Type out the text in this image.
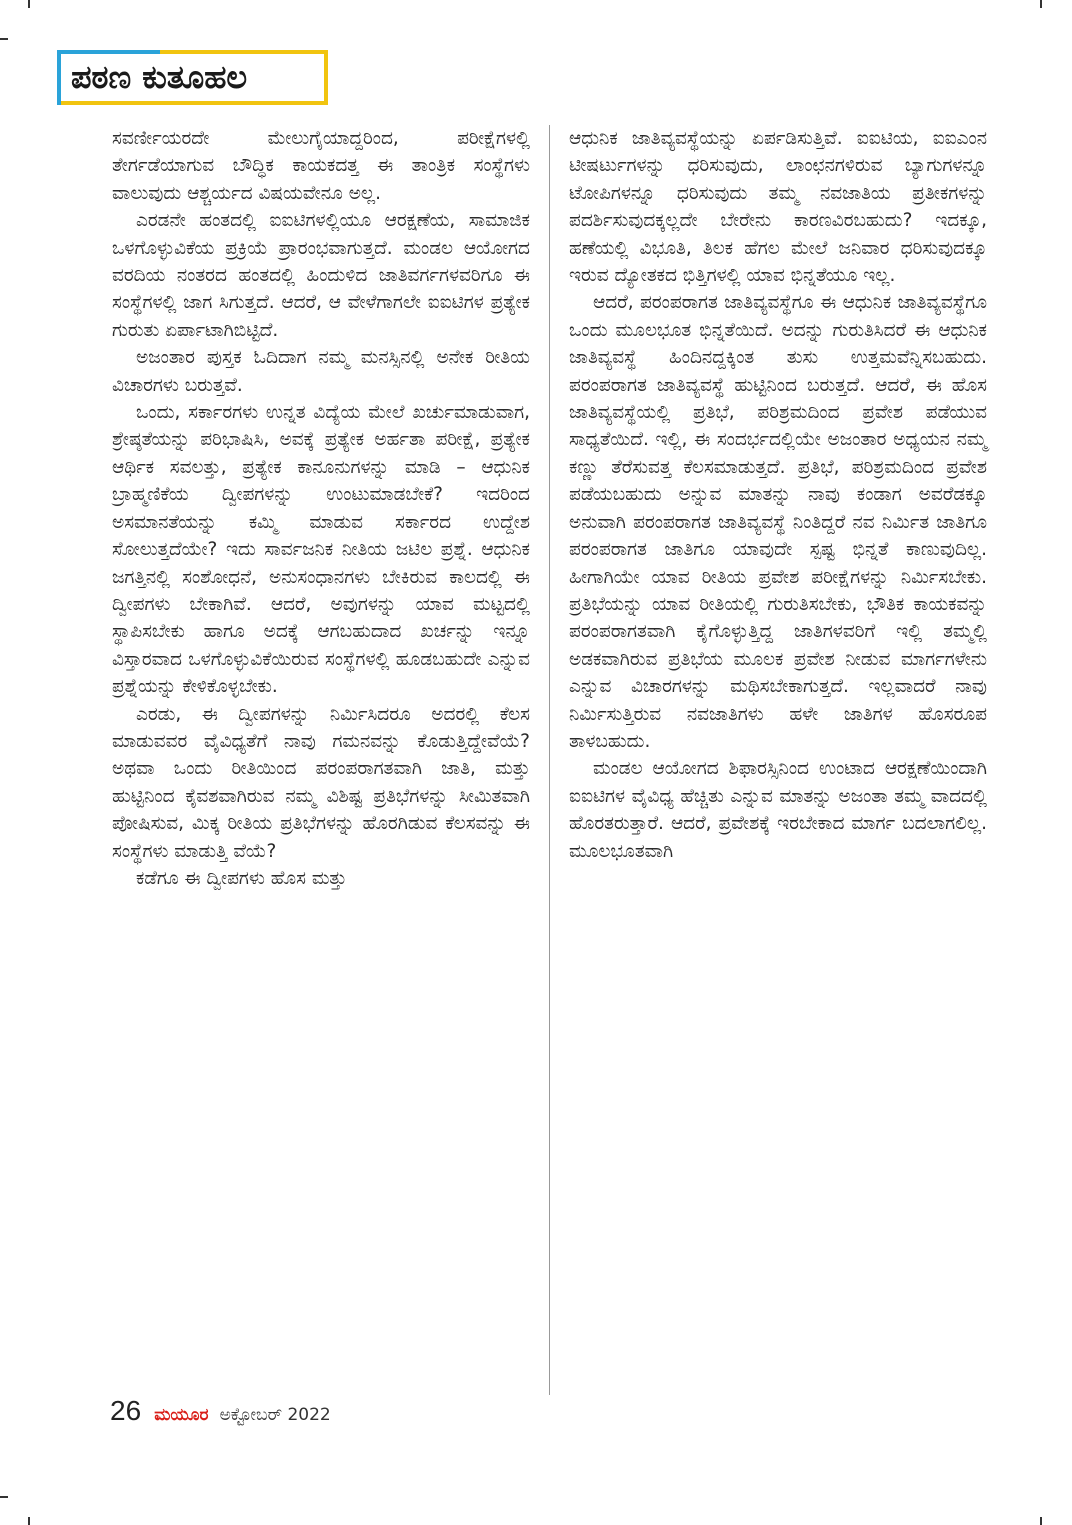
ಪಠಣ ಕುತೂಹಲ

ಸವರ್ಣೀಯರದೇ ಮೇಲುಗೈಯಾದ್ದರಿಂದ, ಪರೀಕ್ಷೆಗಳಲ್ಲಿ ತೇರ್ಗಡೆಯಾಗುವ ಬೌದ್ಧಿಕ ಕಾಯಕದತ್ತ ಈ ತಾಂತ್ರಿಕ ಸಂಸ್ಥೆಗಳು ವಾಲುವುದು ಆಶ್ಚರ್ಯದ ವಿಷಯವೇನೂ ಅಲ್ಲ.

ಎರಡನೇ ಹಂತದಲ್ಲಿ ಐಐಟಿಗಳಲ್ಲಿಯೂ ಆರಕ್ಷಣೆಯ, ಸಾಮಾಜಿಕ ಒಳಗೊಳ್ಳುವಿಕೆಯ ಪ್ರಕ್ರಿಯೆ ಪ್ರಾರಂಭವಾಗುತ್ತದೆ. ಮಂಡಲ ಆಯೋಗದ ವರದಿಯ ನಂತರದ ಹಂತದಲ್ಲಿ ಹಿಂದುಳಿದ ಜಾತಿವರ್ಗಗಳವರಿಗೂ ಈ ಸಂಸ್ಥೆಗಳಲ್ಲಿ ಜಾಗ ಸಿಗುತ್ತದೆ. ಆದರೆ, ಆ ವೇಳೆಗಾಗಲೇ ಐಐಟಿಗಳ ಪ್ರತ್ಯೇಕ ಗುರುತು ಏರ್ಪಾಟಾಗಿಬಿಟ್ಟಿದೆ.

ಅಜಂತಾರ ಪುಸ್ತಕ ಓದಿದಾಗ ನಮ್ಮ ಮನಸ್ಸಿನಲ್ಲಿ ಅನೇಕ ರೀತಿಯ ವಿಚಾರಗಳು ಬರುತ್ತವೆ.

ಒಂದು, ಸರ್ಕಾರಗಳು ಉನ್ನತ ವಿದ್ಯೆಯ ಮೇಲೆ ಖರ್ಚುಮಾಡುವಾಗ, ಶ್ರೇಷ್ಠತೆಯನ್ನು ಪರಿಭಾಷಿಸಿ, ಅವಕ್ಕೆ ಪ್ರತ್ಯೇಕ ಅರ್ಹತಾ ಪರೀಕ್ಷೆ, ಪ್ರತ್ಯೇಕ ಆರ್ಥಿಕ ಸವಲತ್ತು, ಪ್ರತ್ಯೇಕ ಕಾನೂನುಗಳನ್ನು ಮಾಡಿ – ಆಧುನಿಕ ಬ್ರಾಹ್ಮಣಿಕೆಯ ದ್ವೀಪಗಳನ್ನು ಉಂಟುಮಾಡಬೇಕೆ? ಇದರಿಂದ ಅಸಮಾನತೆಯನ್ನು ಕಮ್ಮಿ ಮಾಡುವ ಸರ್ಕಾರದ ಉದ್ದೇಶ ಸೋಲುತ್ತದೆಯೇ? ಇದು ಸಾರ್ವಜನಿಕ ನೀತಿಯ ಜಟಿಲ ಪ್ರಶ್ನೆ. ಆಧುನಿಕ ಜಗತ್ತಿನಲ್ಲಿ ಸಂಶೋಧನೆ, ಅನುಸಂಧಾನಗಳು ಬೇಕಿರುವ ಕಾಲದಲ್ಲಿ ಈ ದ್ವೀಪಗಳು ಬೇಕಾಗಿವೆ. ಆದರೆ, ಅವುಗಳನ್ನು ಯಾವ ಮಟ್ಟದಲ್ಲಿ ಸ್ಥಾಪಿಸಬೇಕು ಹಾಗೂ ಅದಕ್ಕೆ ಆಗಬಹುದಾದ ಖರ್ಚನ್ನು ಇನ್ನೂ ವಿಸ್ತಾರವಾದ ಒಳಗೊಳ್ಳುವಿಕೆಯಿರುವ ಸಂಸ್ಥೆಗಳಲ್ಲಿ ಹೂಡಬಹುದೇ ಎನ್ನುವ ಪ್ರಶ್ನೆಯನ್ನು ಕೇಳಿಕೊಳ್ಳಬೇಕು.

ಎರಡು, ಈ ದ್ವೀಪಗಳನ್ನು ನಿರ್ಮಿಸಿದರೂ ಅದರಲ್ಲಿ ಕೆಲಸ ಮಾಡುವವರ ವೈವಿಧ್ಯತೆಗೆ ನಾವು ಗಮನವನ್ನು ಕೊಡುತ್ತಿದ್ದೇವೆಯೆ? ಅಥವಾ ಒಂದು ರೀತಿಯಿಂದ ಪರಂಪರಾಗತವಾಗಿ ಜಾತಿ, ಮತ್ತು ಹುಟ್ಟಿನಿಂದ ಕೈವಶವಾಗಿರುವ ನಮ್ಮ ವಿಶಿಷ್ಟ ಪ್ರತಿಭೆಗಳನ್ನು ಸೀಮಿತವಾಗಿ ಪೋಷಿಸುವ, ಮಿಕ್ಕ ರೀತಿಯ ಪ್ರತಿಭೆಗಳನ್ನು ಹೊರಗಿಡುವ ಕೆಲಸವನ್ನು ಈ ಸಂಸ್ಥೆಗಳು ಮಾಡುತ್ತಿ ವೆಯೆ?

ಕಡೆಗೂ ಈ ದ್ವೀಪಗಳು ಹೊಸ ಮತ್ತು

ಆಧುನಿಕ ಜಾತಿವ್ಯವಸ್ಥೆಯನ್ನು ಏರ್ಪಡಿಸುತ್ತಿವೆ. ಐಐಟಿಯ, ಐಐಎಂನ ಟೀಷರ್ಟುಗಳನ್ನು ಧರಿಸುವುದು, ಲಾಂಛನಗಳಿರುವ ಬ್ಯಾಗುಗಳನ್ನೂ ಟೋಪಿಗಳನ್ನೂ ಧರಿಸುವುದು ತಮ್ಮ ನವಜಾತಿಯ ಪ್ರತೀಕಗಳನ್ನು ಪದರ್ಶಿಸುವುದಕ್ಕಲ್ಲದೇ ಬೇರೇನು ಕಾರಣವಿರಬಹುದು? ಇದಕ್ಕೂ, ಹಣೆಯಲ್ಲಿ ವಿಭೂತಿ, ತಿಲಕ ಹೆಗಲ ಮೇಲೆ ಜನಿವಾರ ಧರಿಸುವುದಕ್ಕೂ ಇರುವ ದ್ಯೋತಕದ ಭಿತ್ತಿಗಳಲ್ಲಿ ಯಾವ ಭಿನ್ನತೆಯೂ ಇಲ್ಲ.

ಆದರೆ, ಪರಂಪರಾಗತ ಜಾತಿವ್ಯವಸ್ಥೆಗೂ ಈ ಆಧುನಿಕ ಜಾತಿವ್ಯವಸ್ಥೆಗೂ ಒಂದು ಮೂಲಭೂತ ಭಿನ್ನತೆಯಿದೆ. ಅದನ್ನು ಗುರುತಿಸಿದರೆ ಈ ಆಧುನಿಕ ಜಾತಿವ್ಯವಸ್ಥೆ ಹಿಂದಿನದ್ದಕ್ಕಿಂತ ತುಸು ಉತ್ತಮವೆನ್ನಿಸಬಹುದು. ಪರಂಪರಾಗತ ಜಾತಿವ್ಯವಸ್ಥೆ ಹುಟ್ಟಿನಿಂದ ಬರುತ್ತದೆ. ಆದರೆ, ಈ ಹೊಸ ಜಾತಿವ್ಯವಸ್ಥೆಯಲ್ಲಿ ಪ್ರತಿಭೆ, ಪರಿಶ್ರಮದಿಂದ ಪ್ರವೇಶ ಪಡೆಯುವ ಸಾಧ್ಯತೆಯಿದೆ. ಇಲ್ಲಿ, ಈ ಸಂದರ್ಭದಲ್ಲಿಯೇ ಅಜಂತಾರ ಅಧ್ಯಯನ ನಮ್ಮ ಕಣ್ಣು ತೆರೆಸುವತ್ತ ಕೆಲಸಮಾಡುತ್ತದೆ. ಪ್ರತಿಭೆ, ಪರಿಶ್ರಮದಿಂದ ಪ್ರವೇಶ ಪಡೆಯಬಹುದು ಅನ್ನುವ ಮಾತನ್ನು ನಾವು ಕಂಡಾಗ ಅವರೆಡಕ್ಕೂ ಅನುವಾಗಿ ಪರಂಪರಾಗತ ಜಾತಿವ್ಯವಸ್ಥೆ ನಿಂತಿದ್ದರೆ ನವ ನಿರ್ಮಿತ ಜಾತಿಗೂ ಪರಂಪರಾಗತ ಜಾತಿಗೂ ಯಾವುದೇ ಸ್ಪಷ್ಟ ಭಿನ್ನತೆ ಕಾಣುವುದಿಲ್ಲ. ಹೀಗಾಗಿಯೇ ಯಾವ ರೀತಿಯ ಪ್ರವೇಶ ಪರೀಕ್ಷೆಗಳನ್ನು ನಿರ್ಮಿಸಬೇಕು. ಪ್ರತಿಭೆಯನ್ನು ಯಾವ ರೀತಿಯಲ್ಲಿ ಗುರುತಿಸಬೇಕು, ಭೌತಿಕ ಕಾಯಕವನ್ನು ಪರಂಪರಾಗತವಾಗಿ ಕೈಗೊಳ್ಳುತ್ತಿದ್ದ ಜಾತಿಗಳವರಿಗೆ ಇಲ್ಲಿ ತಮ್ಮಲ್ಲಿ ಅಡಕವಾಗಿರುವ ಪ್ರತಿಭೆಯ ಮೂಲಕ ಪ್ರವೇಶ ನೀಡುವ ಮಾರ್ಗಗಳೇನು ಎನ್ನುವ ವಿಚಾರಗಳನ್ನು ಮಥಿಸಬೇಕಾಗುತ್ತದೆ. ಇಲ್ಲವಾದರೆ ನಾವು ನಿರ್ಮಿಸುತ್ತಿರುವ ನವಜಾತಿಗಳು ಹಳೇ ಜಾತಿಗಳ ಹೊಸರೂಪ ತಾಳಬಹುದು.

ಮಂಡಲ ಆಯೋಗದ ಶಿಫಾರಸ್ಸಿನಿಂದ ಉಂಟಾದ ಆರಕ್ಷಣೆಯಿಂದಾಗಿ ಐಐಟಿಗಳ ವೈವಿಧ್ಯ ಹೆಚ್ಚಿತು ಎನ್ನುವ ಮಾತನ್ನು ಅಜಂತಾ ತಮ್ಮ ವಾದದಲ್ಲಿ ಹೊರತರುತ್ತಾರೆ. ಆದರೆ, ಪ್ರವೇಶಕ್ಕೆ ಇರಬೇಕಾದ ಮಾರ್ಗ ಬದಲಾಗಲಿಲ್ಲ. ಮೂಲಭೂತವಾಗಿ

26 ಮಯೂರ ಅಕ್ಟೋಬರ್ 2022
